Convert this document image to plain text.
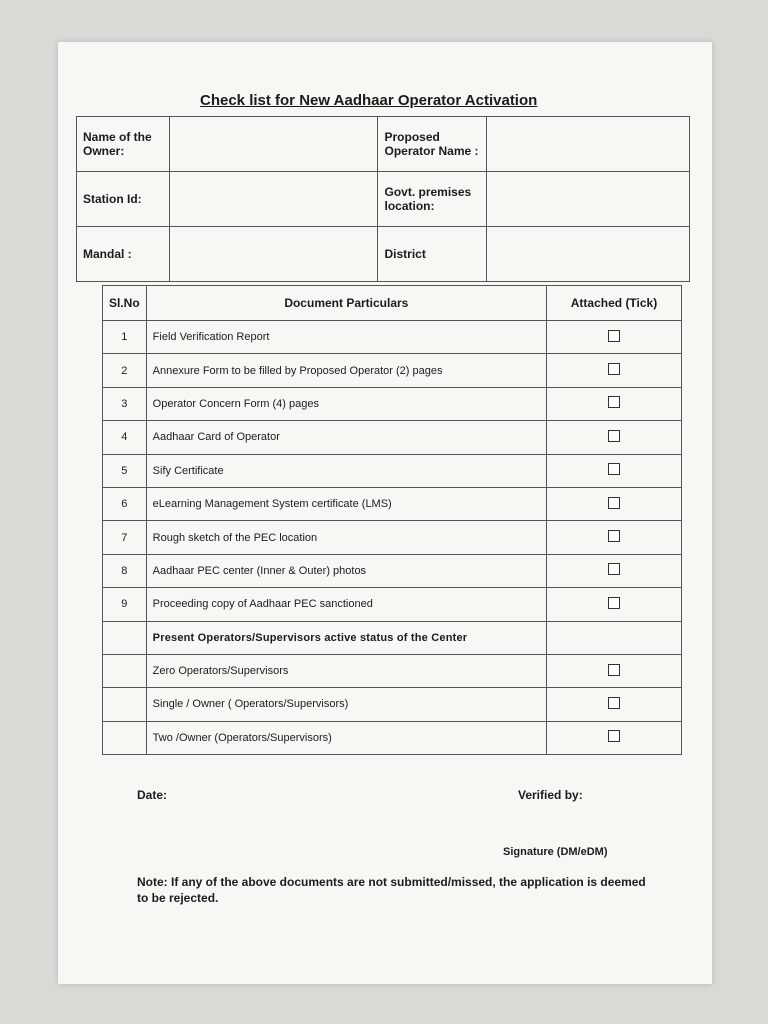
Check list for New Aadhaar Operator Activation
Name of the Owner:		Proposed Operator Name :	
Station Id:		Govt. premises location:	
Mandal :		District	
Sl.No	Document Particulars	Attached (Tick)
1	Field Verification Report	
2	Annexure Form to be filled by Proposed Operator (2) pages	
3	Operator Concern Form (4) pages	
4	Aadhaar Card of Operator	
5	Sify Certificate	
6	eLearning Management System certificate (LMS)	
7	Rough sketch of the PEC location	
8	Aadhaar PEC center (Inner & Outer) photos	
9	Proceeding copy of Aadhaar PEC sanctioned	
	Present Operators/Supervisors active status of the Center	
	Zero Operators/Supervisors	
	Single / Owner ( Operators/Supervisors)	
	Two /Owner (Operators/Supervisors)	
Date:	Verified by:
Signature (DM/eDM)
Note: If any of the above documents are not submitted/missed, the application is deemed to be rejected.
